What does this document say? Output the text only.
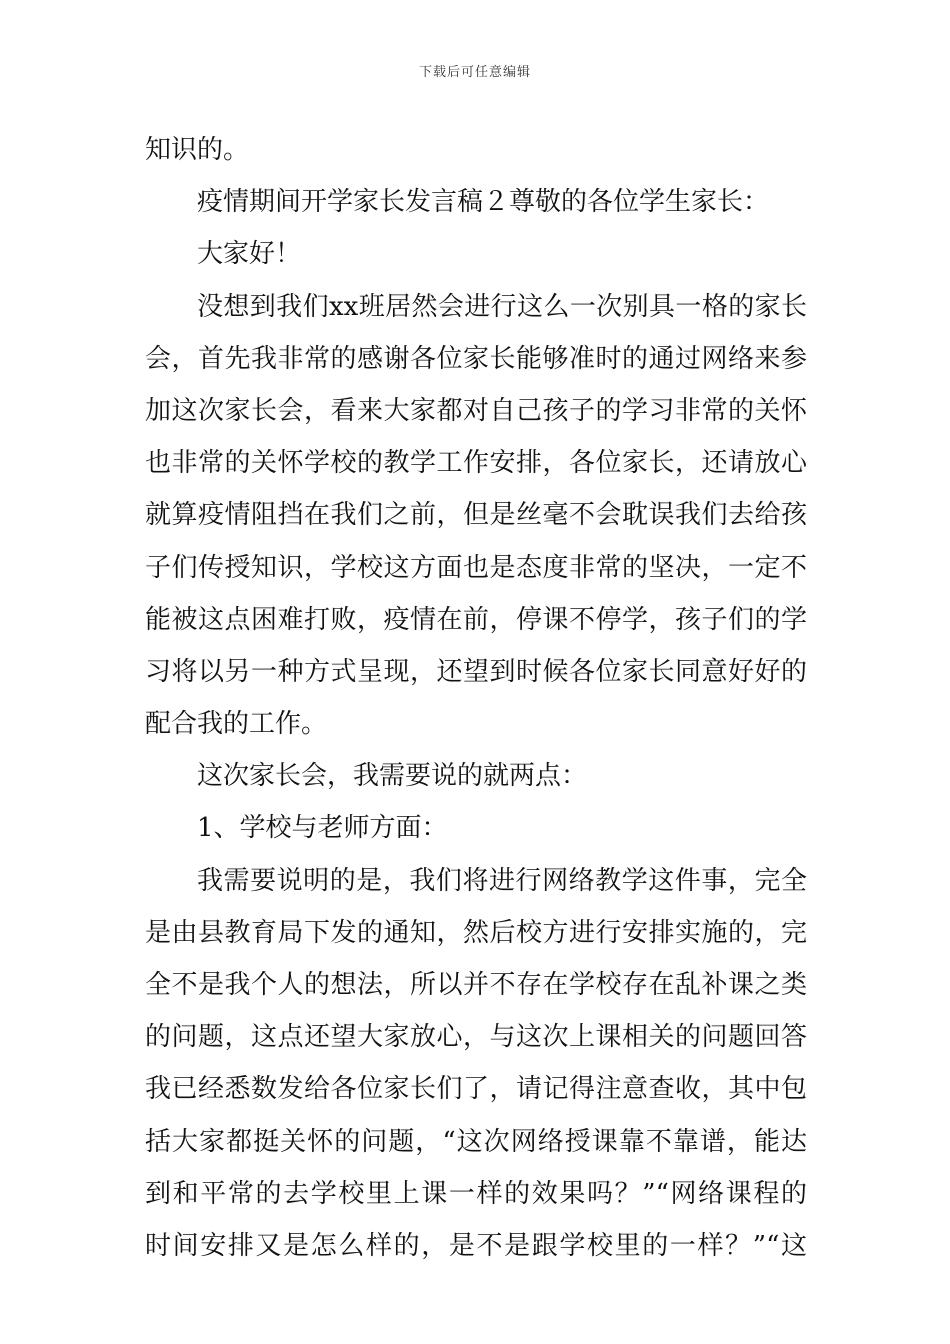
下载后可任意编辑
知识的。
疫情期间开学家长发言稿２尊敬的各位学生家长：
大家好！
没想到我们xx班居然会进行这么一次别具一格的家长
会，首先我非常的感谢各位家长能够准时的通过网络来参
加这次家长会，看来大家都对自己孩子的学习非常的关怀
也非常的关怀学校的教学工作安排，各位家长，还请放心
就算疫情阻挡在我们之前，但是丝毫不会耽误我们去给孩
子们传授知识，学校这方面也是态度非常的坚决，一定不
能被这点困难打败，疫情在前，停课不停学，孩子们的学
习将以另一种方式呈现，还望到时候各位家长同意好好的
配合我的工作。
这次家长会，我需要说的就两点：
1、学校与老师方面：
我需要说明的是，我们将进行网络教学这件事，完全
是由县教育局下发的通知，然后校方进行安排实施的，完
全不是我个人的想法，所以并不存在学校存在乱补课之类
的问题，这点还望大家放心，与这次上课相关的问题回答
我已经悉数发给各位家长们了，请记得注意查收，其中包
括大家都挺关怀的问题，“这次网络授课靠不靠谱，能达
到和平常的去学校里上课一样的效果吗？”“网络课程的
时间安排又是怎么样的，是不是跟学校里的一样？”“这
